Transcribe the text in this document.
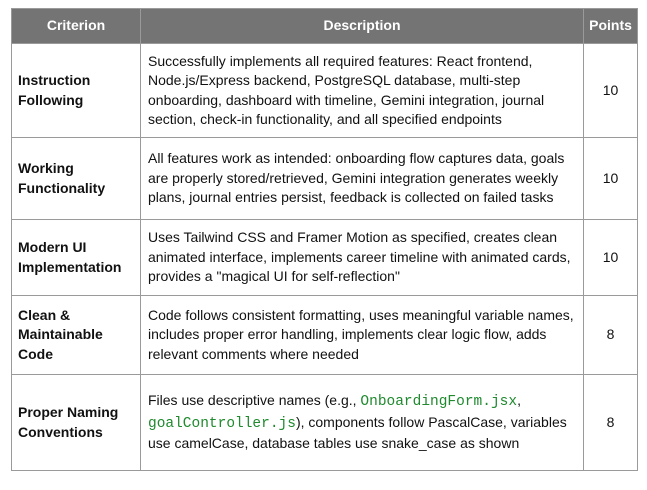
Criterion	Description	Points
Instruction
Following	Successfully implements all required features: React frontend, Node.js/Express backend, PostgreSQL database, multi-step onboarding, dashboard with timeline, Gemini integration, journal section, check-in functionality, and all specified endpoints	10
Working
Functionality	All features work as intended: onboarding flow captures data, goals are properly stored/retrieved, Gemini integration generates weekly plans, journal entries persist, feedback is collected on failed tasks	10
Modern UI
Implementation	Uses Tailwind CSS and Framer Motion as specified, creates clean animated interface, implements career timeline with animated cards, provides a "magical UI for self-reflection"	10
Clean &
Maintainable
Code	Code follows consistent formatting, uses meaningful variable names, includes proper error handling, implements clear logic flow, adds relevant comments where needed	8
Proper Naming
Conventions	Files use descriptive names (e.g., OnboardingForm.jsx, goalController.js), components follow PascalCase, variables use camelCase, database tables use snake_case as shown	8
